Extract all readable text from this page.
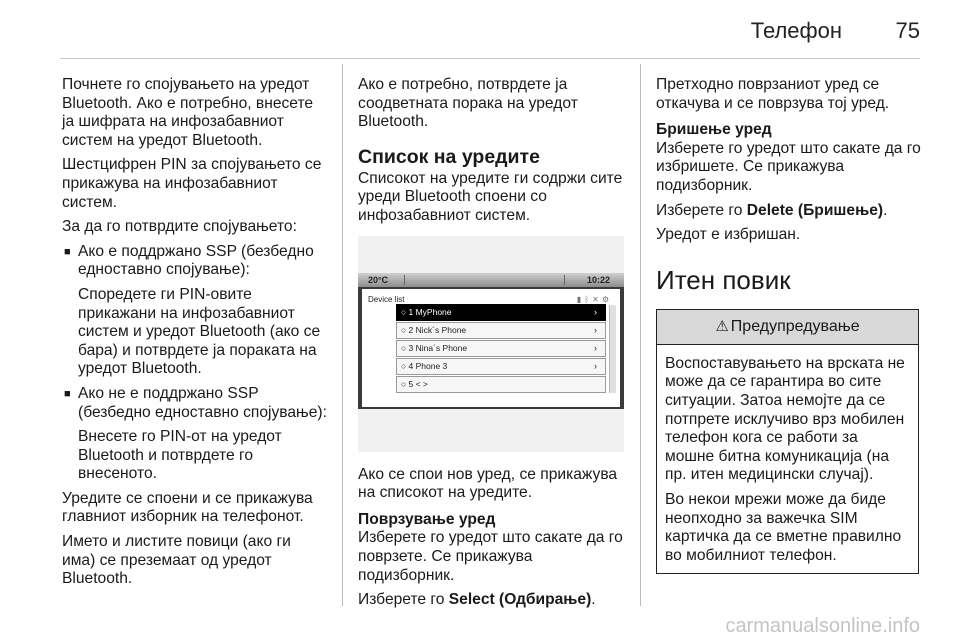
Телефон 75

Почнете го спојувањето на уредот Bluetooth. Ако е потребно, внесете ја шифрата на инфозабавниот систем на уредот Bluetooth.

Шестцифрен PIN за спојувањето се прикажува на инфозабавниот систем.

За да го потврдите спојувањето:

■ Ако е поддржано SSP (безбедно едноставно спојување):

Споредете ги PIN-овите прикажани на инфозабавниот систем и уредот Bluetooth (ако се бара) и потврдете ја пораката на уредот Bluetooth.

■ Ако не е поддржано SSP (безбедно едноставно спојување):

Внесете го PIN-от на уредот Bluetooth и потврдете го внесеното.

Уредите се споени и се прикажува главниот изборник на телефонот.

Името и листите повици (ако ги има) се преземаат од уредот Bluetooth.

Ако е потребно, потврдете ја соодветната порака на уредот Bluetooth.

Список на уредите

Списокот на уредите ги содржи сите уреди Bluetooth споени со инфозабавниот систем.

20°C	10:22
Device list	▮ᛒ✕⚙
○ 1 MyPhone	›
○ 2 Nick´s Phone	›
○ 3 Nina´s Phone	›
○ 4 Phone 3	›
○ 5 < >

Ако се спои нов уред, се прикажува на списокот на уредите.

Поврзување уред

Изберете го уредот што сакате да го поврзете. Се прикажува подизборник.

Изберете го Select (Одбирање).

Претходно поврзаниот уред се откачува и се поврзува тој уред.

Бришење уред

Изберете го уредот што сакате да го избришете. Се прикажува подизборник.

Изберете го Delete (Бришење).

Уредот е избришан.

Итен повик
⚠ Предупредување

Воспоставувањето на врската не може да се гарантира во сите ситуации. Затоа немојте да се потпрете исклучиво врз мобилен телефон кога се работи за мошне битна комуникација (на пр. итен медицински случај).

Во некои мрежи може да биде неопходно за важечка SIM картичка да се вметне правилно во мобилниот телефон.

carmanualsonline.info
